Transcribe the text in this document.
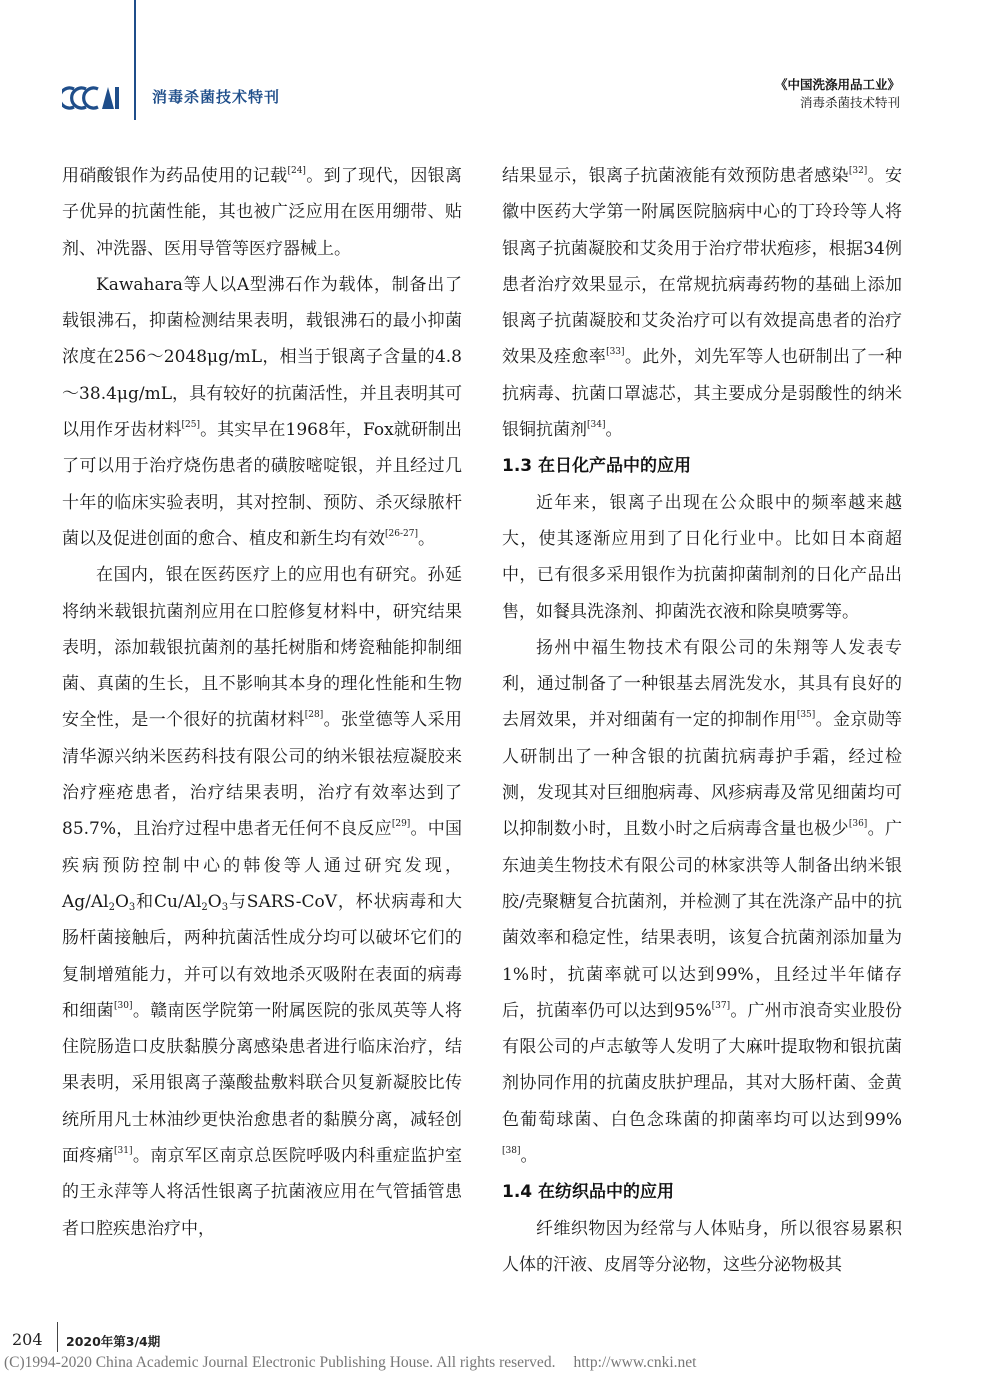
CCAI
消毒杀菌技术特刊
《中国洗涤用品工业》
消毒杀菌技术特刊

用硝酸银作为药品使用的记载[24]。到了现代，因银离子优异的抗菌性能，其也被广泛应用在医用绷带、贴剂、冲洗器、医用导管等医疗器械上。

Kawahara等人以A型沸石作为载体，制备出了载银沸石，抑菌检测结果表明，载银沸石的最小抑菌浓度在256～2048μg/mL，相当于银离子含量的4.8～38.4μg/mL，具有较好的抗菌活性，并且表明其可以用作牙齿材料[25]。其实早在1968年，Fox就研制出了可以用于治疗烧伤患者的磺胺嘧啶银，并且经过几十年的临床实验表明，其对控制、预防、杀灭绿脓杆菌以及促进创面的愈合、植皮和新生均有效[26-27]。

在国内，银在医药医疗上的应用也有研究。孙延将纳米载银抗菌剂应用在口腔修复材料中，研究结果表明，添加载银抗菌剂的基托树脂和烤瓷釉能抑制细菌、真菌的生长，且不影响其本身的理化性能和生物安全性，是一个很好的抗菌材料[28]。张堂德等人采用清华源兴纳米医药科技有限公司的纳米银祛痘凝胶来治疗痤疮患者，治疗结果表明，治疗有效率达到了85.7%，且治疗过程中患者无任何不良反应[29]。中国疾病预防控制中心的韩俊等人通过研究发现，$Ag/Al_2O_3$和$Cu/Al_2O_3$与SARS-CoV，杯状病毒和大肠杆菌接触后，两种抗菌活性成分均可以破坏它们的复制增殖能力，并可以有效地杀灭吸附在表面的病毒和细菌[30]。赣南医学院第一附属医院的张凤英等人将住院肠造口皮肤黏膜分离感染患者进行临床治疗，结果表明，采用银离子藻酸盐敷料联合贝复新凝胶比传统所用凡士林油纱更快治愈患者的黏膜分离，减轻创面疼痛[31]。南京军区南京总医院呼吸内科重症监护室的王永萍等人将活性银离子抗菌液应用在气管插管患者口腔疾患治疗中，

结果显示，银离子抗菌液能有效预防患者感染[32]。安徽中医药大学第一附属医院脑病中心的丁玲玲等人将银离子抗菌凝胶和艾灸用于治疗带状疱疹，根据34例患者治疗效果显示，在常规抗病毒药物的基础上添加银离子抗菌凝胶和艾灸治疗可以有效提高患者的治疗效果及痊愈率[33]。此外，刘先军等人也研制出了一种抗病毒、抗菌口罩滤芯，其主要成分是弱酸性的纳米银铜抗菌剂[34]。

1.3 在日化产品中的应用

近年来，银离子出现在公众眼中的频率越来越大，使其逐渐应用到了日化行业中。比如日本商超中，已有很多采用银作为抗菌抑菌制剂的日化产品出售，如餐具洗涤剂、抑菌洗衣液和除臭喷雾等。

扬州中福生物技术有限公司的朱翔等人发表专利，通过制备了一种银基去屑洗发水，其具有良好的去屑效果，并对细菌有一定的抑制作用[35]。金京勋等人研制出了一种含银的抗菌抗病毒护手霜，经过检测，发现其对巨细胞病毒、风疹病毒及常见细菌均可以抑制数小时，且数小时之后病毒含量也极少[36]。广东迪美生物技术有限公司的林家洪等人制备出纳米银胶/壳聚糖复合抗菌剂，并检测了其在洗涤产品中的抗菌效率和稳定性，结果表明，该复合抗菌剂添加量为1%时，抗菌率就可以达到99%，且经过半年储存后，抗菌率仍可以达到95%[37]。广州市浪奇实业股份有限公司的卢志敏等人发明了大麻叶提取物和银抗菌剂协同作用的抗菌皮肤护理品，其对大肠杆菌、金黄色葡萄球菌、白色念珠菌的抑菌率均可以达到99%[38]。

1.4 在纺织品中的应用

纤维织物因为经常与人体贴身，所以很容易累积人体的汗液、皮屑等分泌物，这些分泌物极其

204 2020年第3/4期
(C)1994-2020 China Academic Journal Electronic Publishing House. All rights reserved. http://www.cnki.net
